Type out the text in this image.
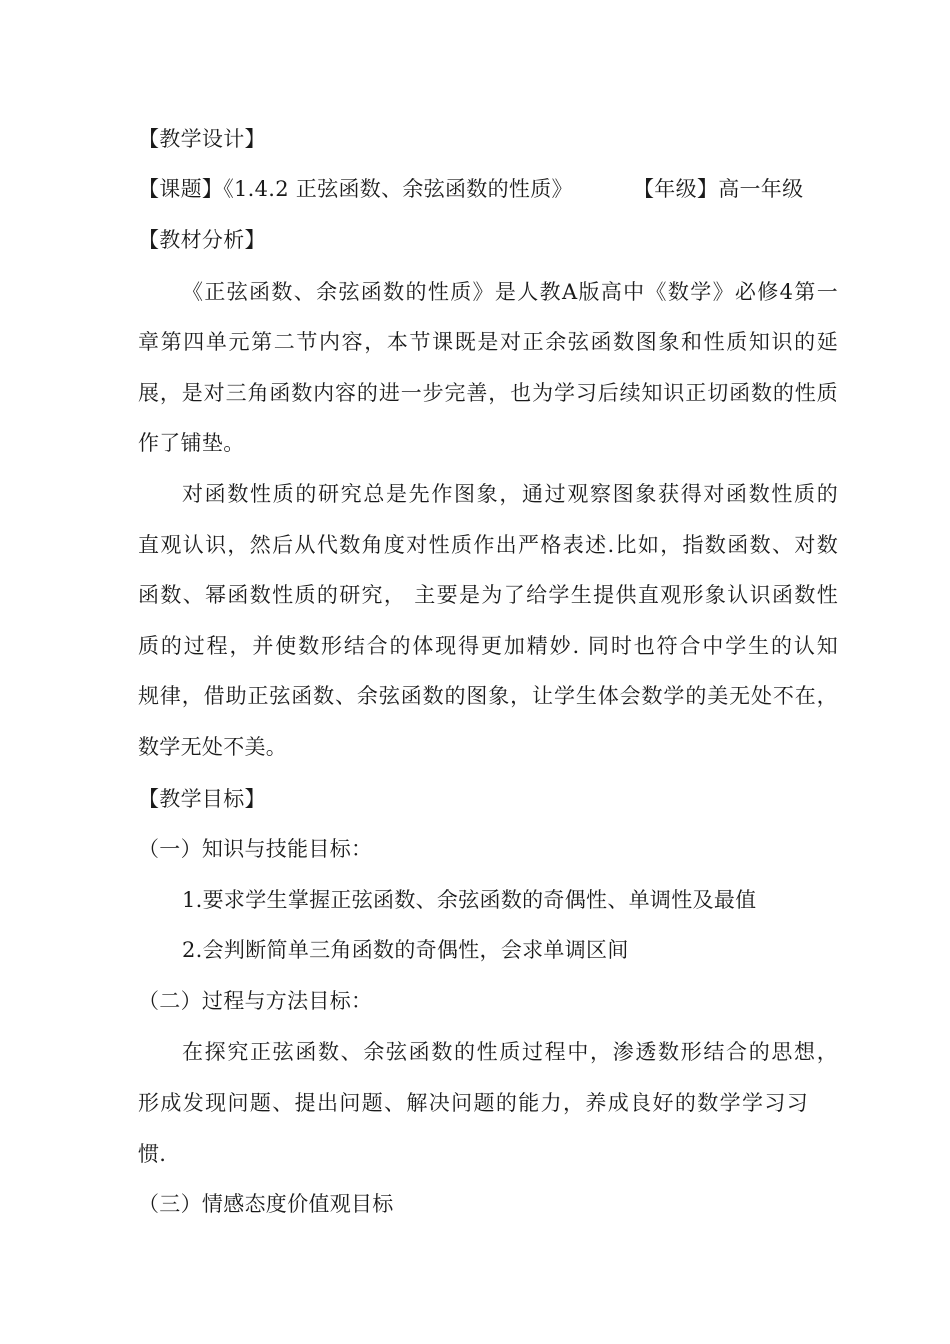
【教学设计】
【课题】《1.4.2 正弦函数、余弦函数的性质》	【年级】高一年级
【教材分析】
《正弦函数、余弦函数的性质》是人教A版高中《数学》必修4第一
章第四单元第二节内容，本节课既是对正余弦函数图象和性质知识的延
展，是对三角函数内容的进一步完善，也为学习后续知识正切函数的性质
作了铺垫。
对函数性质的研究总是先作图象，通过观察图象获得对函数性质的
直观认识，然后从代数角度对性质作出严格表述.比如，指数函数、对数
函数、幂函数性质的研究， 主要是为了给学生提供直观形象认识函数性
质的过程，并使数形结合的体现得更加精妙. 同时也符合中学生的认知
规律，借助正弦函数、余弦函数的图象，让学生体会数学的美无处不在，
数学无处不美。
【教学目标】
（一）知识与技能目标：
1.要求学生掌握正弦函数、余弦函数的奇偶性、单调性及最值
2.会判断简单三角函数的奇偶性，会求单调区间
（二）过程与方法目标：
在探究正弦函数、余弦函数的性质过程中，渗透数形结合的思想，
形成发现问题、提出问题、解决问题的能力，养成良好的数学学习习
惯.
（三）情感态度价值观目标
